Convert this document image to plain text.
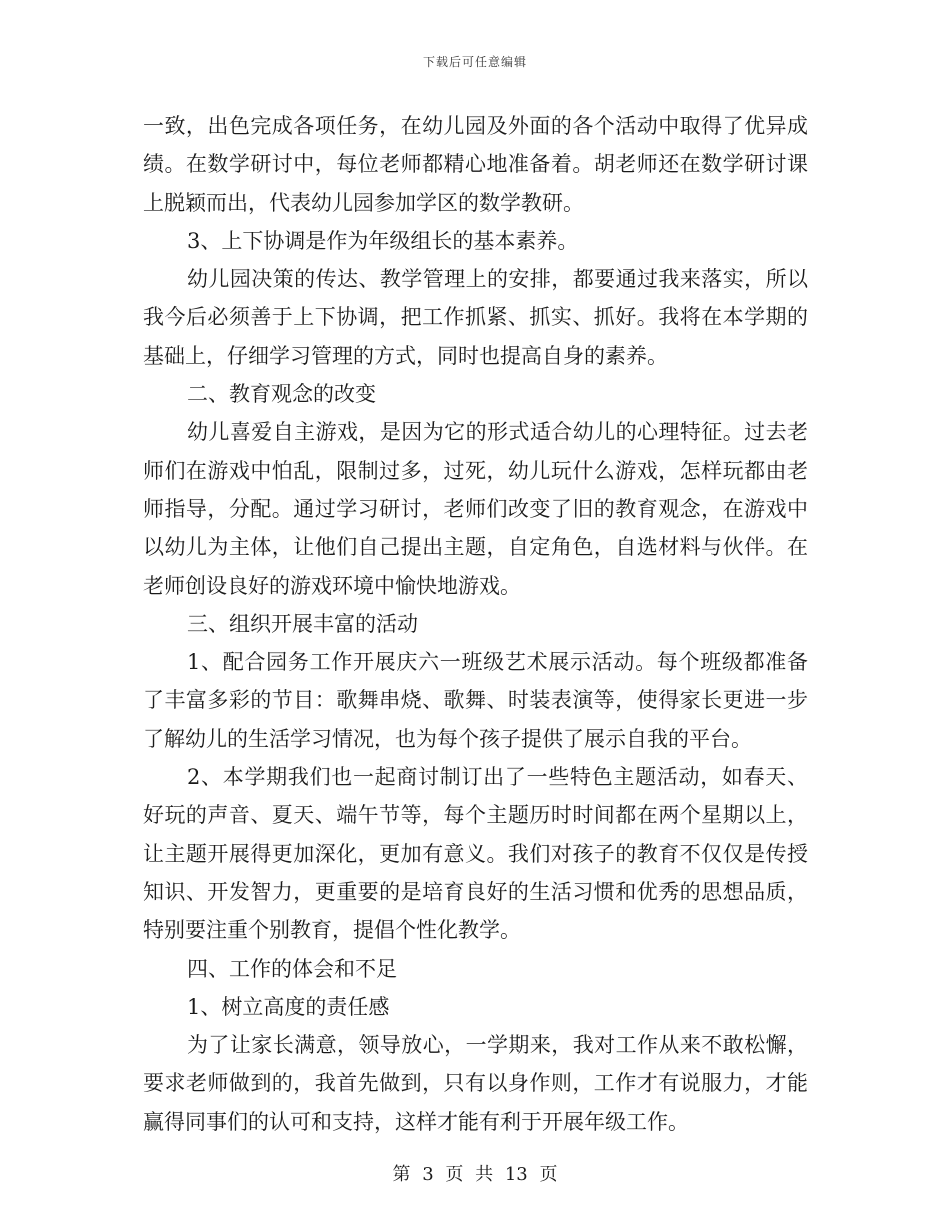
下载后可任意编辑

一致，出色完成各项任务，在幼儿园及外面的各个活动中取得了优异成绩。在数学研讨中，每位老师都精心地准备着。胡老师还在数学研讨课上脱颖而出，代表幼儿园参加学区的数学教研。

3、上下协调是作为年级组长的基本素养。

幼儿园决策的传达、教学管理上的安排，都要通过我来落实，所以我今后必须善于上下协调，把工作抓紧、抓实、抓好。我将在本学期的基础上，仔细学习管理的方式，同时也提高自身的素养。

二、教育观念的改变

幼儿喜爱自主游戏，是因为它的形式适合幼儿的心理特征。过去老师们在游戏中怕乱，限制过多，过死，幼儿玩什么游戏，怎样玩都由老师指导，分配。通过学习研讨，老师们改变了旧的教育观念，在游戏中以幼儿为主体，让他们自己提出主题，自定角色，自选材料与伙伴。在老师创设良好的游戏环境中愉快地游戏。

三、组织开展丰富的活动

1、配合园务工作开展庆六一班级艺术展示活动。每个班级都准备了丰富多彩的节目：歌舞串烧、歌舞、时装表演等，使得家长更进一步了解幼儿的生活学习情况，也为每个孩子提供了展示自我的平台。

2、本学期我们也一起商讨制订出了一些特色主题活动，如春天、好玩的声音、夏天、端午节等，每个主题历时时间都在两个星期以上，让主题开展得更加深化，更加有意义。我们对孩子的教育不仅仅是传授知识、开发智力，更重要的是培育良好的生活习惯和优秀的思想品质，特别要注重个别教育，提倡个性化教学。

四、工作的体会和不足

1、树立高度的责任感

为了让家长满意，领导放心，一学期来，我对工作从来不敢松懈，要求老师做到的，我首先做到，只有以身作则，工作才有说服力，才能赢得同事们的认可和支持，这样才能有利于开展年级工作。

第 3 页 共 13 页
